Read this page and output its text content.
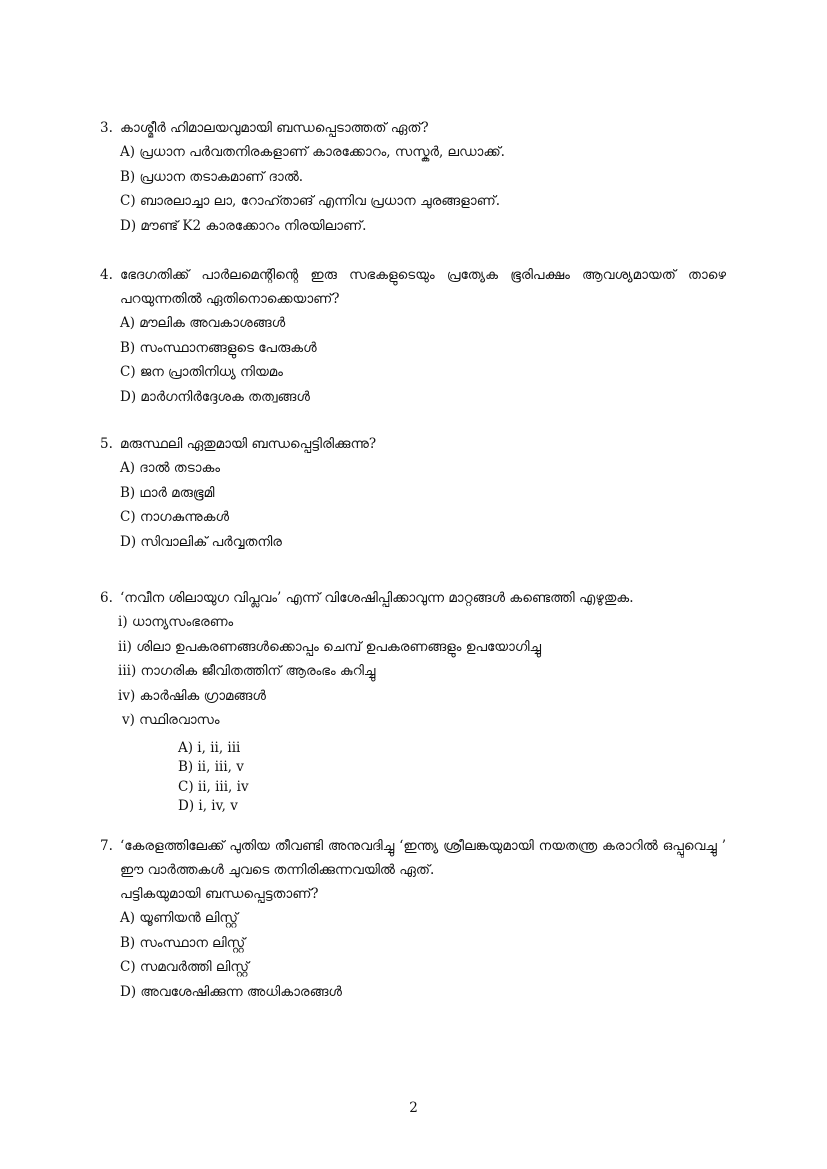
3. കാശ്മീർ ഹിമാലയവുമായി ബന്ധപ്പെടാത്തത് ഏത്?
A) പ്രധാന പർവതനിരകളാണ് കാരക്കോറം, സസ്കർ, ലഡാക്ക്.
B) പ്രധാന തടാകമാണ് ദാൽ.
C) ബാരലാച്ചാ ലാ, റോഹ്താങ് എന്നിവ പ്രധാന ചുരങ്ങളാണ്.
D) മൗണ്ട് K2 കാരക്കോറം നിരയിലാണ്.
4. ഭേദഗതിക്ക് പാർലമെന്റിന്റെ ഇരു സഭകളുടെയും പ്രത്യേക ഭൂരിപക്ഷം ആവശ്യമായത് താഴെ പറയുന്നതിൽ ഏതിനൊക്കെയാണ്?
A) മൗലിക അവകാശങ്ങൾ
B) സംസ്ഥാനങ്ങളുടെ പേരുകൾ
C) ജന പ്രാതിനിധ്യ നിയമം
D) മാർഗനിർദ്ദേശക തത്വങ്ങൾ
5. മരുസ്ഥലി ഏതുമായി ബന്ധപ്പെട്ടിരിക്കുന്നു?
A) ദാൽ തടാകം
B) ഥാർ മരുഭൂമി
C) നാഗകുന്നുകൾ
D) സിവാലിക് പർവ്വതനിര
6. ‘നവീന ശിലായുഗ വിപ്ലവം’ എന്ന് വിശേഷിപ്പിക്കാവുന്ന മാറ്റങ്ങൾ കണ്ടെത്തി എഴുതുക.
i) ധാന്യസംഭരണം
ii) ശിലാ ഉപകരണങ്ങൾക്കൊപ്പം ചെമ്പ് ഉപകരണങ്ങളും ഉപയോഗിച്ചു
iii) നാഗരിക ജീവിതത്തിന് ആരംഭം കുറിച്ചു
iv) കാർഷിക ഗ്രാമങ്ങൾ
v) സ്ഥിരവാസം
A) i, ii, iii
B) ii, iii, v
C) ii, iii, iv
D) i, iv, v
7. ‘കേരളത്തിലേക്ക് പുതിയ തീവണ്ടി അനുവദിച്ചു ‘ഇന്ത്യ ശ്രീലങ്കയുമായി നയതന്ത്ര കരാറിൽ ഒപ്പുവെച്ചു ’ ഈ വാർത്തകൾ ചുവടെ തന്നിരിക്കുന്നവയിൽ ഏത്.
പട്ടികയുമായി ബന്ധപ്പെട്ടതാണ്?
A) യൂണിയൻ ലിസ്റ്റ്
B) സംസ്ഥാന ലിസ്റ്റ്
C) സമവർത്തി ലിസ്റ്റ്
D) അവശേഷിക്കുന്ന അധികാരങ്ങൾ
2
